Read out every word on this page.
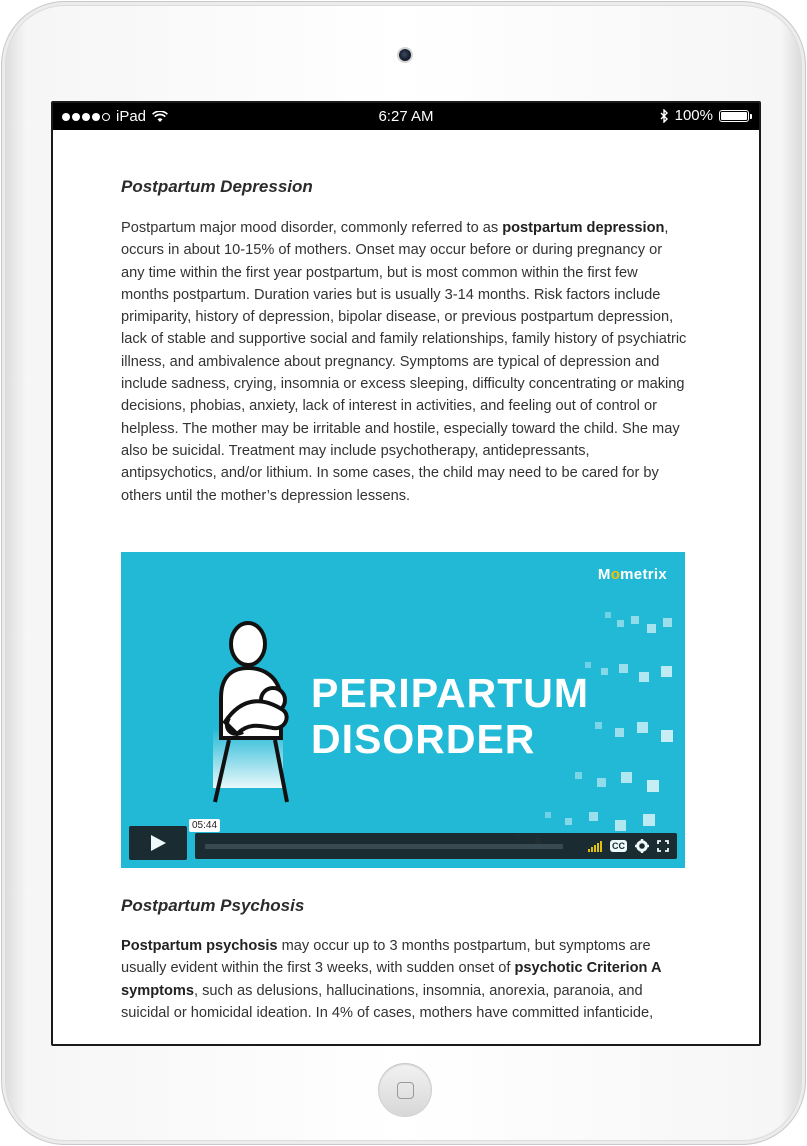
iPad	6:27 AM	100%
Postpartum Depression

Postpartum major mood disorder, commonly referred to as postpartum depression, occurs in about 10-15% of mothers. Onset may occur before or during pregnancy or any time within the first year postpartum, but is most common within the first few months postpartum. Duration varies but is usually 3-14 months. Risk factors include primiparity, history of depression, bipolar disease, or previous postpartum depression, lack of stable and supportive social and family relationships, family history of psychiatric illness, and ambivalence about pregnancy. Symptoms are typical of depression and include sadness, crying, insomnia or excess sleeping, difficulty concentrating or making decisions, phobias, anxiety, lack of interest in activities, and feeling out of control or helpless. The mother may be irritable and hostile, especially toward the child. She may also be suicidal. Treatment may include psychotherapy, antidepressants, antipsychotics, and/or lithium. In some cases, the child may need to be cared for by others until the mother’s depression lessens.

Mometrix
PERIPARTUM
DISORDER
CC
05:44
Postpartum Psychosis

Postpartum psychosis may occur up to 3 months postpartum, but symptoms are usually evident within the first 3 weeks, with sudden onset of psychotic Criterion A symptoms, such as delusions, hallucinations, insomnia, anorexia, paranoia, and suicidal or homicidal ideation. In 4% of cases, mothers have committed infanticide,
